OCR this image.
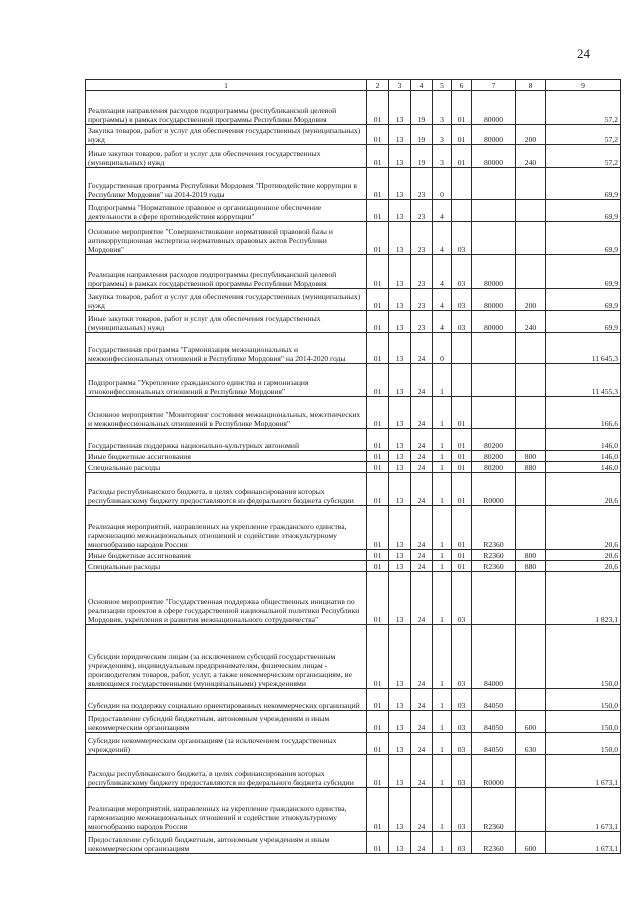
24
1	2	3	4	5	6	7	8	9
Реализация направления расходов подпрограммы (республиканской целевой программы) в рамках государственной программы Республики Мордовия	01	13	19	3	01	80000		57,2
Закупка товаров, работ и услуг для обеспечения государственных (муниципальных) нужд	01	13	19	3	01	80000	200	57,2
Иные закупки товаров, работ и услуг для обеспечения государственных (муниципальных) нужд	01	13	19	3	01	80000	240	57,2
Государственная программа Республики Мордовия "Противодействие коррупции в Республике Мордовия" на 2014-2019 годы	01	13	23	0				69,9
Подпрограмма "Нормативное правовое и организационное обеспечение деятельности в сфере противодействия коррупции"	01	13	23	4				69,9
Основное мероприятие "Совершенствование нормативной правовой базы и антикоррупционная экспертиза нормативных правовых актов Республики Мордовия"	01	13	23	4	03			69,9
Реализация направления расходов подпрограммы (республиканской целевой программы) в рамках государственной программы Республики Мордовия	01	13	23	4	03	80000		69,9
Закупка товаров, работ и услуг для обеспечения государственных (муниципальных) нужд	01	13	23	4	03	80000	200	69,9
Иные закупки товаров, работ и услуг для обеспечения государственных (муниципальных) нужд	01	13	23	4	03	80000	240	69,9
Государственная программа "Гармонизация межнациональных и межконфессиональных отношений в Республике Мордовия" на 2014-2020 годы	01	13	24	0				11 645,3
Подпрограмма "Укрепление гражданского единства и гармонизация этноконфессиональных отношений в Республике Мордовия"	01	13	24	1				11 455,3
Основное мероприятие "Мониторинг состояния межнациональных, межэтнических и межконфессиональных отношений в Республике Мордовия"	01	13	24	1	01			166,6
Государственная поддержка национально-культурных автономий	01	13	24	1	01	80200		146,0
Иные бюджетные ассигнования	01	13	24	1	01	80200	800	146,0
Специальные расходы	01	13	24	1	01	80200	880	146,0
Расходы республиканского бюджета, в целях софинансирования которых республиканскому бюджету предоставляются из федерального бюджета субсидии	01	13	24	1	01	R0000		20,6
Реализация мероприятий, направленных на укрепление гражданского единства, гармонизацию межнациональных отношений и содействие этнокультурному многообразию народов России	01	13	24	1	01	R2360		20,6
Иные бюджетные ассигнования	01	13	24	1	01	R2360	800	20,6
Специальные расходы	01	13	24	1	01	R2360	880	20,6
Основное мероприятие "Государственная поддержка общественных инициатив по реализации проектов в сфере государственной национальной политики Республики Мордовия, укрепления и развития межнационального сотрудничества"	01	13	24	1	03			1 823,1
Субсидии юридическим лицам (за исключением субсидий государственным учреждениям), индивидуальным предпринимателям, физическим лицам - производителям товаров, работ, услуг, а также некоммерческим организациям, не являющимся государственными (муниципальными) учреждениями	01	13	24	1	03	84000		150,0
Субсидии на поддержку социально ориентированных некоммерческих организаций	01	13	24	1	03	84050		150,0
Предоставление субсидий бюджетным, автономным учреждениям и иным некоммерческим организациям	01	13	24	1	03	84050	600	150,0
Субсидии некоммерческим организациям (за исключением государственных учреждений)	01	13	24	1	03	84050	630	150,0
Расходы республиканского бюджета, в целях софинансирования которых республиканскому бюджету предоставляются из федерального бюджета субсидии	01	13	24	1	03	R0000		1 673,1
Реализация мероприятий, направленных на укрепление гражданского единства, гармонизацию межнациональных отношений и содействие этнокультурному многообразию народов России	01	13	24	1	03	R2360		1 673,1
Предоставление субсидий бюджетным, автономным учреждениям и иным некоммерческим организациям	01	13	24	1	03	R2360	600	1 673,1
